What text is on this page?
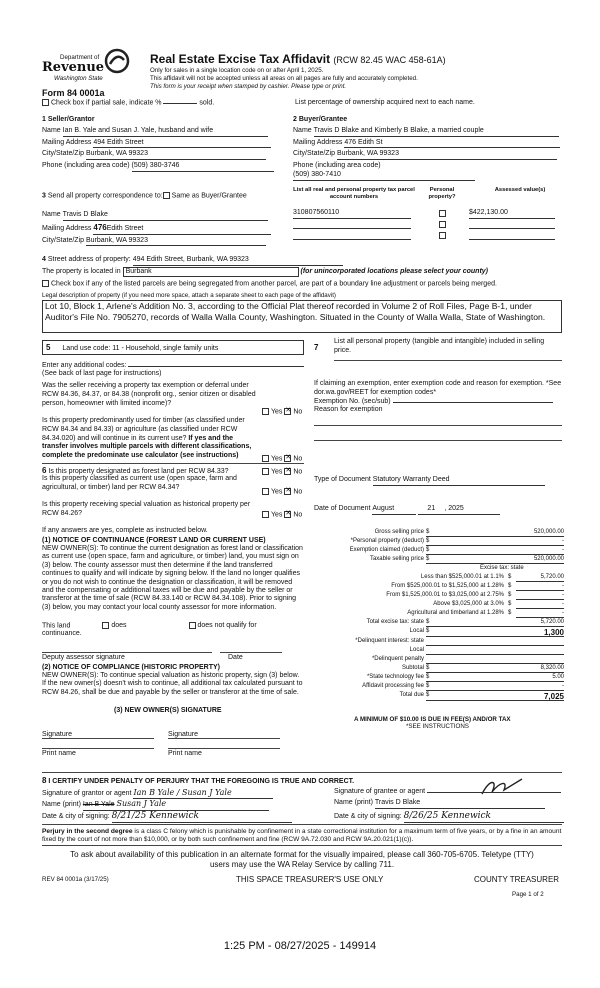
Department of
Revenue
Washington State
Form 84 0001a
Real Estate Excise Tax Affidavit (RCW 82.45 WAC 458-61A)
Only for sales in a single location code on or after April 1, 2025.
This affidavit will not be accepted unless all areas on all pages are fully and accurately completed.
This form is your receipt when stamped by cashier. Please type or print.
Check box if partial sale, indicate %	sold.	List percentage of ownership acquired next to each name.
1 Seller/Grantor
Name Ian B. Yale and Susan J. Yale, husband and wife
Mailing Address 494 Edith Street
City/State/Zip Burbank, WA 99323
Phone (including area code) (509) 380-3746
2 Buyer/Grantee
Name Travis D Blake and Kimberly B Blake, a married couple
Mailing Address 476 Edith St
City/State/Zip Burbank, WA 99323
Phone (including area code) (509) 380-7410
3 Send all property correspondence to: Same as Buyer/Grantee
Name Travis D Blake
Mailing Address 476Edith Street
City/State/Zip Burbank, WA 99323
List all real and personal property tax parcel account numbers
Personal property?
Assessed value(s)
310807560110	$422,130.00
4 Street address of property: 494 Edith Street, Burbank, WA 99323
The property is located in Burbank	(for unincorporated locations please select your county)
Check box if any of the listed parcels are being segregated from another parcel, are part of a boundary line adjustment or parcels being merged.
Legal description of property (if you need more space, attach a separate sheet to each page of the affidavit)
Lot 10, Block 1, Arlene's Addition No. 3, according to the Official Plat thereof recorded in Volume 2 of Roll Files, Page B-1, under Auditor's File No. 7905270, records of Walla Walla County, Washington. Situated in the County of Walla Walla, State of Washington.
5 Land use code: 11 - Household, single family units	7
List all personal property (tangible and intangible) included in selling price.
Enter any additional codes:
(See back of last page for instructions)
Was the seller receiving a property tax exemption or deferral under RCW 84.36, 84.37, or 84.38 (nonprofit org., senior citizen or disabled person, homeowner with limited income)?
Yes ✕ No
Is this property predominantly used for timber (as classified under RCW 84.34 and 84.33) or agriculture (as classified under RCW 84.34.020) and will continue in its current use? If yes and the transfer involves multiple parcels with different classifications, complete the predominate use calculator (see instructions)	Yes ✕ No
If claiming an exemption, enter exemption code and reason for exemption. *See dor.wa.gov/REET for exemption codes*
Exemption No. (sec/sub)
Reason for exemption
6 Is this property designated as forest land per RCW 84.33?	Yes ✕ No
Is this property classified as current use (open space, farm and agricultural, or timber) land per RCW 84.34?
Yes ✕ No
Is this property receiving special valuation as historical property per RCW 84.26?	Yes ✕ No
If any answers are yes, complete as instructed below.
Type of Document Statutory Warranty Deed
Date of Document August	21 , 2025
(1) NOTICE OF CONTINUANCE (FOREST LAND OR CURRENT USE)
NEW OWNER(S): To continue the current designation as forest land or classification as current use (open space, farm and agriculture, or timber) land, you must sign on (3) below. The county assessor must then determine if the land transferred continues to qualify and will indicate by signing below. If the land no longer qualifies or you do not wish to continue the designation or classification, it will be removed and the compensating or additional taxes will be due and payable by the seller or transferor at the time of sale (RCW 84.33.140 or RCW 84.34.108). Prior to signing (3) below, you may contact your local county assessor for more information.
This land	does	does not qualify for
continuance.
Deputy assessor signature	Date
(2) NOTICE OF COMPLIANCE (HISTORIC PROPERTY)
NEW OWNER(S): To continue special valuation as historic property, sign (3) below. If the new owner(s) doesn't wish to continue, all additional tax calculated pursuant to RCW 84.26, shall be due and payable by the seller or transferor at the time of sale.
(3) NEW OWNER(S) SIGNATURE
Signature	Signature
Print name	Print name
Gross selling price $	520,000.00
*Personal property (deduct) $	-
Exemption claimed (deduct) $	-
Taxable selling price $	520,000.00
Excise tax: state
Less than $525,000.01 at 1.1% $	5,720.00
From $525,000.01 to $1,525,000 at 1.28% $	-
From $1,525,000.01 to $3,025,000 at 2.75% $	-
Above $3,025,000 at 3.0% $	-
Agricultural and timberland at 1.28% $	-
Total excise tax: state $	5,720.00
Local $	1,300
*Delinquent interest: state
Local
*Delinquent penalty
Subtotal $	8,320.00
*State technology fee $	5.00
Affidavit processing fee $	-
Total due $	7,025
A MINIMUM OF $10.00 IS DUE IN FEE(S) AND/OR TAX
*SEE INSTRUCTIONS
8 I CERTIFY UNDER PENALTY OF PERJURY THAT THE FOREGOING IS TRUE AND CORRECT.
Signature of grantor or agent Ian B Yale / Susan J Yale
Name (print) Ian B Yale Susan J Yale
Date & city of signing: 8/21/25 Kennewick
Signature of grantee or agent
Name (print) Travis D Blake
Date & city of signing: 8/26/25 Kennewick
Perjury in the second degree is a class C felony which is punishable by confinement in a state correctional institution for a maximum term of five years, or by a fine in an amount fixed by the court of not more than $10,000, or by both such confinement and fine (RCW 9A.72.030 and RCW 9A.20.021(1)(c)).
To ask about availability of this publication in an alternate format for the visually impaired, please call 360-705-6705. Teletype (TTY) users may use the WA Relay Service by calling 711.
REV 84 0001a (3/17/25)	THIS SPACE TREASURER'S USE ONLY	COUNTY TREASURER
Page 1 of 2
1:25 PM - 08/27/2025 - 149914
